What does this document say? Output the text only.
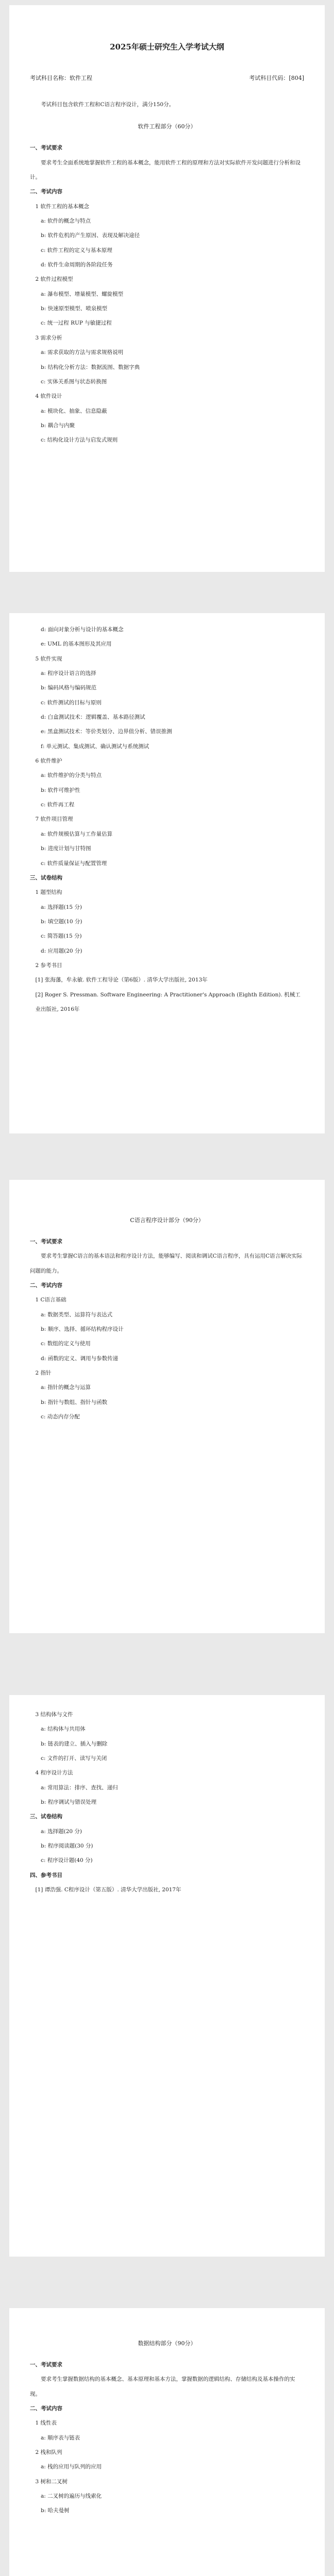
2025年硕士研究生入学考试大纲
考试科目名称：软件工程	考试科目代码：[804]

考试科目包含软件工程和C语言程序设计，满分150分。

软件工程部分（60分）

一、考试要求

要求考生全面系统地掌握软件工程的基本概念，能用软件工程的原理和方法对实际软件开发问题进行分析和设计。

二、考试内容

1 软件工程的基本概念

a: 软件的概念与特点

b: 软件危机的产生原因、表现及解决途径

c: 软件工程的定义与基本原理

d: 软件生命周期的各阶段任务

2 软件过程模型

a: 瀑布模型、增量模型、螺旋模型

b: 快速原型模型、喷泉模型

c: 统一过程 RUP 与敏捷过程

3 需求分析

a: 需求获取的方法与需求规格说明

b: 结构化分析方法：数据流图、数据字典

c: 实体关系图与状态转换图

4 软件设计

a: 模块化、抽象、信息隐蔽

b: 耦合与内聚

c: 结构化设计方法与启发式规则

d: 面向对象分析与设计的基本概念

e: UML 的基本图形及其应用

5 软件实现

a: 程序设计语言的选择

b: 编码风格与编码规范

c: 软件测试的目标与原则

d: 白盒测试技术：逻辑覆盖、基本路径测试

e: 黑盒测试技术：等价类划分、边界值分析、错误推测

f: 单元测试、集成测试、确认测试与系统测试

6 软件维护

a: 软件维护的分类与特点

b: 软件可维护性

c: 软件再工程

7 软件项目管理

a: 软件规模估算与工作量估算

b: 进度计划与甘特图

c: 软件质量保证与配置管理

三、试卷结构

1 题型结构

a: 选择题(15 分)

b: 填空题(10 分)

c: 简答题(15 分)

d: 应用题(20 分)

2 参考书目

[1] 张海藩，牟永敏. 软件工程导论（第6版）. 清华大学出版社, 2013年

[2] Roger S. Pressman. Software Engineering: A Practitioner's Approach (Eighth Edition). 机械工业出版社, 2016年

C语言程序设计部分（90分）

一、考试要求

要求考生掌握C语言的基本语法和程序设计方法，能够编写、阅读和调试C语言程序，具有运用C语言解决实际问题的能力。

二、考试内容

1 C语言基础

a: 数据类型、运算符与表达式

b: 顺序、选择、循环结构程序设计

c: 数组的定义与使用

d: 函数的定义、调用与参数传递

2 指针

a: 指针的概念与运算

b: 指针与数组、指针与函数

c: 动态内存分配

3 结构体与文件

a: 结构体与共用体

b: 链表的建立、插入与删除

c: 文件的打开、读写与关闭

4 程序设计方法

a: 常用算法：排序、查找、递归

b: 程序调试与错误处理

三、试卷结构

a: 选择题(20 分)

b: 程序阅读题(30 分)

c: 程序设计题(40 分)

四、参考书目

[1] 谭浩强. C程序设计（第五版）. 清华大学出版社, 2017年

数据结构部分（90分）

一、考试要求

要求考生掌握数据结构的基本概念、基本原理和基本方法，掌握数据的逻辑结构、存储结构及基本操作的实现。

二、考试内容

1 线性表

a: 顺序表与链表

2 栈和队列

a: 栈的应用与队列的应用

3 树和二叉树

a: 二叉树的遍历与线索化

b: 哈夫曼树
